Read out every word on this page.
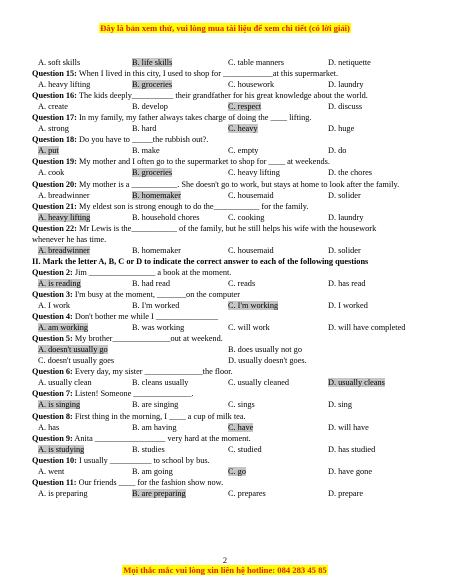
Đây là bản xem thử, vui lòng mua tài liệu để xem chi tiết (có lời giải)
A. soft skills	B. life skills	C. table manners	D. netiquette
Question 15: When I lived in this city, I used to shop for ____________at this supermarket.
A. heavy lifting	B. groceries	C. housework	D. laundry
Question 16: The kids deeply__________ their grandfather for his great knowledge about the world.
A. create	B. develop	C. respect	D. discuss
Question 17: In my family, my father always takes charge of doing the ____ lifting.
A. strong	B. hard	C. heavy	D. huge
Question 18: Do you have to _____the rubbish out?.
A. put	B. make	C. empty	D. do
Question 19: My mother and I often go to the supermarket to shop for ____ at weekends.
A. cook	B. groceries	C. heavy lifting	D. the chores
Question 20: My mother is a ___________. She doesn't go to work, but stays at home to look after the family.
A. breadwinner	B. homemaker	C. housemaid	D. solider
Question 21: My eldest son is strong enough to do the___________ for the family.
A. heavy lifting	B. household chores	C. cooking	D. laundry
Question 22: Mr Lewis is the___________ of the family, but he still helps his wife with the housework
whenever he has time.
A. breadwinner	B. homemaker	C. housemaid	D. solider
II. Mark the letter A, B, C or D to indicate the correct answer to each of the following questions
Question 2: Jim ________________ a book at the moment.
A. is reading	B. had read	C. reads	D. has read
Question 3: I'm busy at the moment, _______on the computer
A. I work	B. I'm worked	C. I'm working	D. I worked
Question 4: Don't bother me while I _______________
A. am working	B. was working	C. will work	D. will have completed
Question 5: My brother______________out at weekend.
A. doesn't usually go	B. does usually not go
C. doesn't usually goes	D. usually doesn't goes.
Question 6: Every day, my sister ______________the floor.
A. usually clean	B. cleans usually	C. usually cleaned	D. usually cleans
Question 7: Listen! Someone ______________.
A. is singing	B. are singing	C. sings	D. sing
Question 8: First thing in the morning, I ____ a cup of milk tea.
A. has	B. am having	C. have	D. will have
Question 9: Anita _________________ very hard at the moment.
A. is studying	B. studies	C. studied	D. has studied
Question 10: I usually __________ to school by bus.
A. went	B. am going	C. go	D. have gone
Question 11: Our friends ____ for the fashion show now.
A. is preparing	B. are preparing	C. prepares	D. prepare
2
Mọi thắc mắc vui lòng xin liên hệ hotline: 084 283 45 85
